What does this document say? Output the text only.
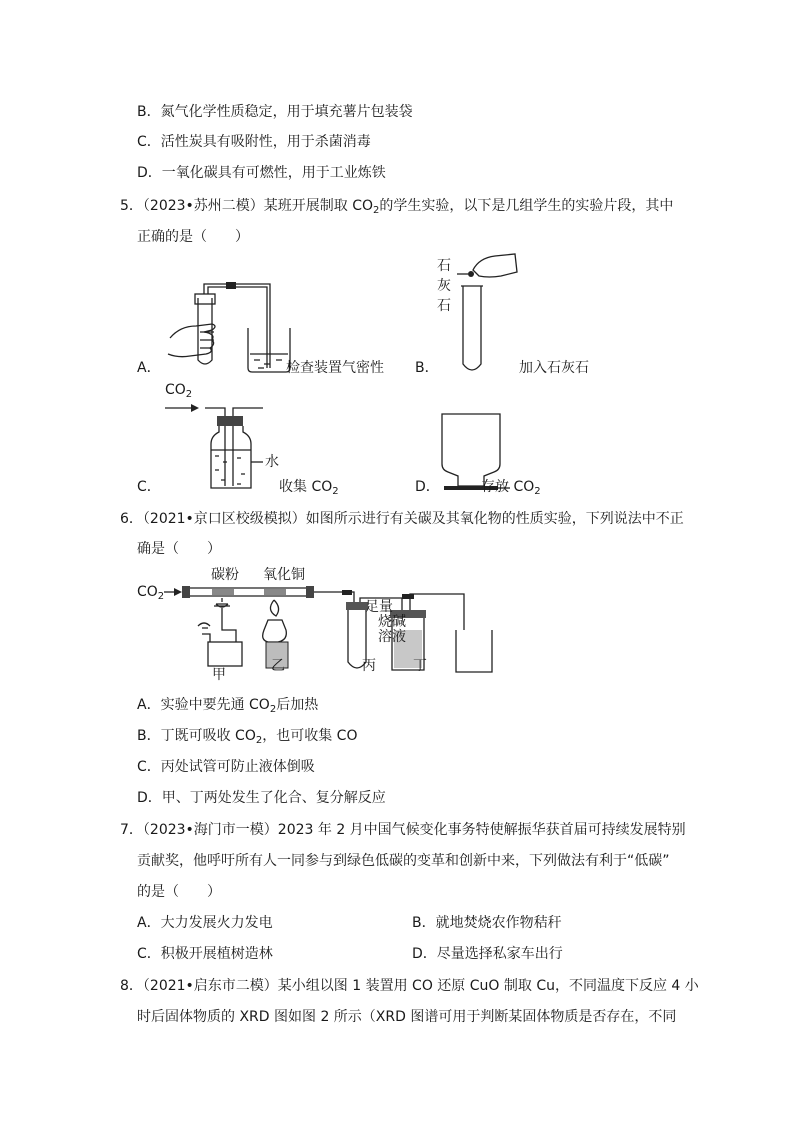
B．氮气化学性质稳定，用于填充薯片包装袋
C．活性炭具有吸附性，用于杀菌消毒
D．一氧化碳具有可燃性，用于工业炼铁
5．（2023•苏州二模）某班开展制取 $CO_2$的学生实验，以下是几组学生的实验片段，其中
正确的是（　　）
A．	检查装置气密性
石
灰
石
B．	加入石灰石
$CO_2$
水
C．	收集 $CO_2$	D．	存放 $CO_2$
6．（2021•京口区校级模拟）如图所示进行有关碳及其氧化物的性质实验，下列说法中不正
确是（　　）
$CO_2$
碳粉 氧化铜
足量
烧碱
溶液
甲
乙	丙	丁
A．实验中要先通 $CO_2$后加热
B．丁既可吸收 $CO_2$，也可收集 CO
C．丙处试管可防止液体倒吸
D．甲、丁两处发生了化合、复分解反应
7．（2023•海门市一模）2023 年 2 月中国气候变化事务特使解振华获首届可持续发展特别
贡献奖，他呼吁所有人一同参与到绿色低碳的变革和创新中来，下列做法有利于“低碳”
的是（　　）
A．大力发展火力发电	B．就地焚烧农作物秸秆
C．积极开展植树造林	D．尽量选择私家车出行
8．（2021•启东市二模）某小组以图 1 装置用 CO 还原 CuO 制取 Cu，不同温度下反应 4 小
时后固体物质的 XRD 图如图 2 所示（XRD 图谱可用于判断某固体物质是否存在，不同
